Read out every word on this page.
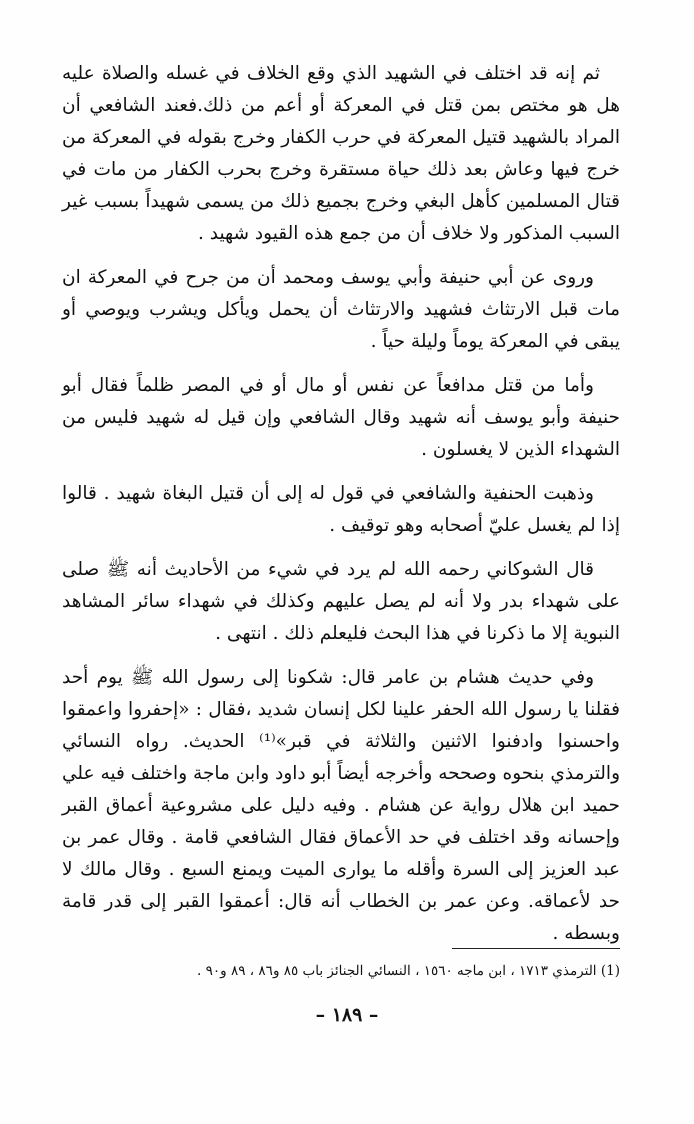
ثم إنه قد اختلف في الشهيد الذي وقع الخلاف في غسله والصلاة عليه هل هو مختص بمن قتل في المعركة أو أعم من ذلك.فعند الشافعي أن المراد بالشهيد قتيل المعركة في حرب الكفار وخرج بقوله في المعركة من خرج فيها وعاش بعد ذلك حياة مستقرة وخرج بحرب الكفار من مات في قتال المسلمين كأهل البغي وخرج بجميع ذلك من يسمى شهيداً بسبب غير السبب المذكور ولا خلاف أن من جمع هذه القيود شهيد .

وروى عن أبي حنيفة وأبي يوسف ومحمد أن من جرح في المعركة ان مات قبل الارتثاث فشهيد والارتثاث أن يحمل ويأكل ويشرب ويوصي أو يبقى في المعركة يوماً وليلة حياً .

وأما من قتل مدافعاً عن نفس أو مال أو في المصر ظلماً فقال أبو حنيفة وأبو يوسف أنه شهيد وقال الشافعي وإن قيل له شهيد فليس من الشهداء الذين لا يغسلون .

وذهبت الحنفية والشافعي في قول له إلى أن قتيل البغاة شهيد . قالوا إذا لم يغسل عليّ أصحابه وهو توقيف .

قال الشوكاني رحمه الله لم يرد في شيء من الأحاديث أنه ﷺ صلى على شهداء بدر ولا أنه لم يصل عليهم وكذلك في شهداء سائر المشاهد النبوية إلا ما ذكرنا في هذا البحث فليعلم ذلك . انتهى .

وفي حديث هشام بن عامر قال: شكونا إلى رسول الله ﷺ يوم أحد فقلنا يا رسول الله الحفر علينا لكل إنسان شديد ،فقال : «إحفروا واعمقوا واحسنوا وادفنوا الاثنين والثلاثة في قبر»⁽¹⁾ الحديث. رواه النسائي والترمذي بنحوه وصححه وأخرجه أيضاً أبو داود وابن ماجة واختلف فيه علي حميد ابن هلال رواية عن هشام . وفيه دليل على مشروعية أعماق القبر وإحسانه وقد اختلف في حد الأعماق فقال الشافعي قامة . وقال عمر بن عبد العزيز إلى السرة وأقله ما يوارى الميت ويمنع السبع . وقال مالك لا حد لأعماقه. وعن عمر بن الخطاب أنه قال: أعمقوا القبر إلى قدر قامة وبسطه .

(1) الترمذي ١٧١٣ ، ابن ماجه ١٥٦٠ ، النسائي الجنائز باب ٨٥ و٨٦ ، ٨٩ و٩٠ .
– ١٨٩ –
